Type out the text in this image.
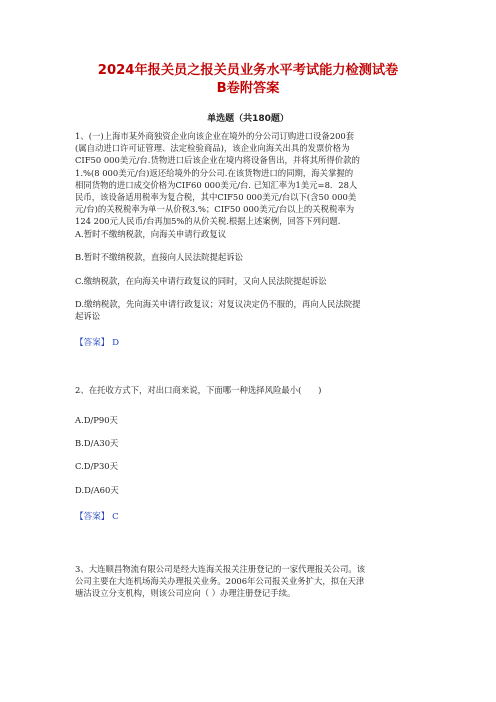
2024年报关员之报关员业务水平考试能力检测试卷
B卷附答案
单选题（共180题）
1、(一)上海市某外商独资企业向该企业在境外的分公司订购进口设备200套
(属自动进口许可证管理、法定检验商品)，该企业向海关出具的发票价格为
CIF50 000美元/台.货物进口后该企业在境内将设备售出，并将其所得价款的
1.%(8 000美元/台)返还给境外的分公司.在该货物进口的同期，海关掌握的
相同货物的进口成交价格为CIF60 000美元/台. 已知汇率为1美元=8．28人
民币，该设备适用税率为复合税，其中CIF50 000美元/台以下(含50 000美
元/台)的关税税率为单一从价税3.%；CIF50 000美元/台以上的关税税率为
124 200元人民币/台再加5%的从价关税.根据上述案例，回答下列问题.
A.暂时不缴纳税款，向海关申请行政复议
B.暂时不缴纳税款，直接向人民法院提起诉讼
C.缴纳税款，在向海关申请行政复议的同时，又向人民法院提起诉讼
D.缴纳税款，先向海关申请行政复议；对复议决定仍不服的，再向人民法院提
起诉讼
【答案】 D
2、在托收方式下，对出口商来说，下面哪一种选择风险最小(　　)
A.D/P90天
B.D/A30天
C.D/P30天
D.D/A60天
【答案】 C
3、大连顺昌物流有限公司是经大连海关报关注册登记的一家代理报关公司。该
公司主要在大连机场海关办理报关业务。2006年公司报关业务扩大，拟在天津
塘沽设立分支机构，则该公司应向（ ）办理注册登记手续。
